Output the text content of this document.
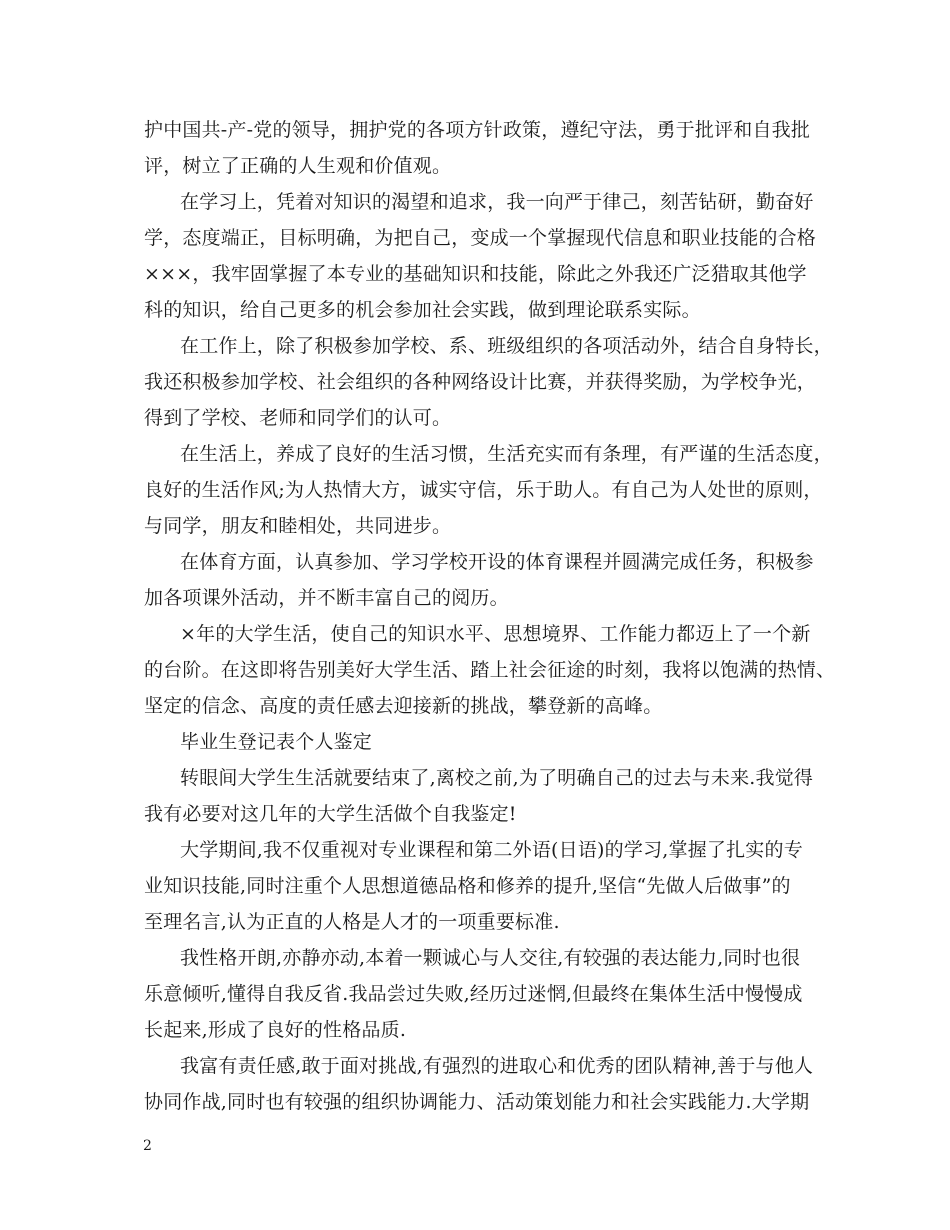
护中国共-产-党的领导，拥护党的各项方针政策，遵纪守法，勇于批评和自我批
评，树立了正确的人生观和价值观。
在学习上，凭着对知识的渴望和追求，我一向严于律己，刻苦钻研，勤奋好
学，态度端正，目标明确，为把自己，变成一个掌握现代信息和职业技能的合格
×××，我牢固掌握了本专业的基础知识和技能，除此之外我还广泛猎取其他学
科的知识，给自己更多的机会参加社会实践，做到理论联系实际。
在工作上，除了积极参加学校、系、班级组织的各项活动外，结合自身特长，
我还积极参加学校、社会组织的各种网络设计比赛，并获得奖励，为学校争光，
得到了学校、老师和同学们的认可。
在生活上，养成了良好的生活习惯，生活充实而有条理，有严谨的生活态度，
良好的生活作风;为人热情大方，诚实守信，乐于助人。有自己为人处世的原则，
与同学，朋友和睦相处，共同进步。
在体育方面，认真参加、学习学校开设的体育课程并圆满完成任务，积极参
加各项课外活动，并不断丰富自己的阅历。
×年的大学生活，使自己的知识水平、思想境界、工作能力都迈上了一个新
的台阶。在这即将告别美好大学生活、踏上社会征途的时刻，我将以饱满的热情、
坚定的信念、高度的责任感去迎接新的挑战，攀登新的高峰。
毕业生登记表个人鉴定
转眼间大学生生活就要结束了,离校之前,为了明确自己的过去与未来.我觉得
我有必要对这几年的大学生活做个自我鉴定!
大学期间,我不仅重视对专业课程和第二外语(日语)的学习,掌握了扎实的专
业知识技能,同时注重个人思想道德品格和修养的提升,坚信“先做人后做事”的
至理名言,认为正直的人格是人才的一项重要标准.
我性格开朗,亦静亦动,本着一颗诚心与人交往,有较强的表达能力,同时也很
乐意倾听,懂得自我反省.我品尝过失败,经历过迷惘,但最终在集体生活中慢慢成
长起来,形成了良好的性格品质.
我富有责任感,敢于面对挑战,有强烈的进取心和优秀的团队精神,善于与他人
协同作战,同时也有较强的组织协调能力、活动策划能力和社会实践能力.大学期
2
